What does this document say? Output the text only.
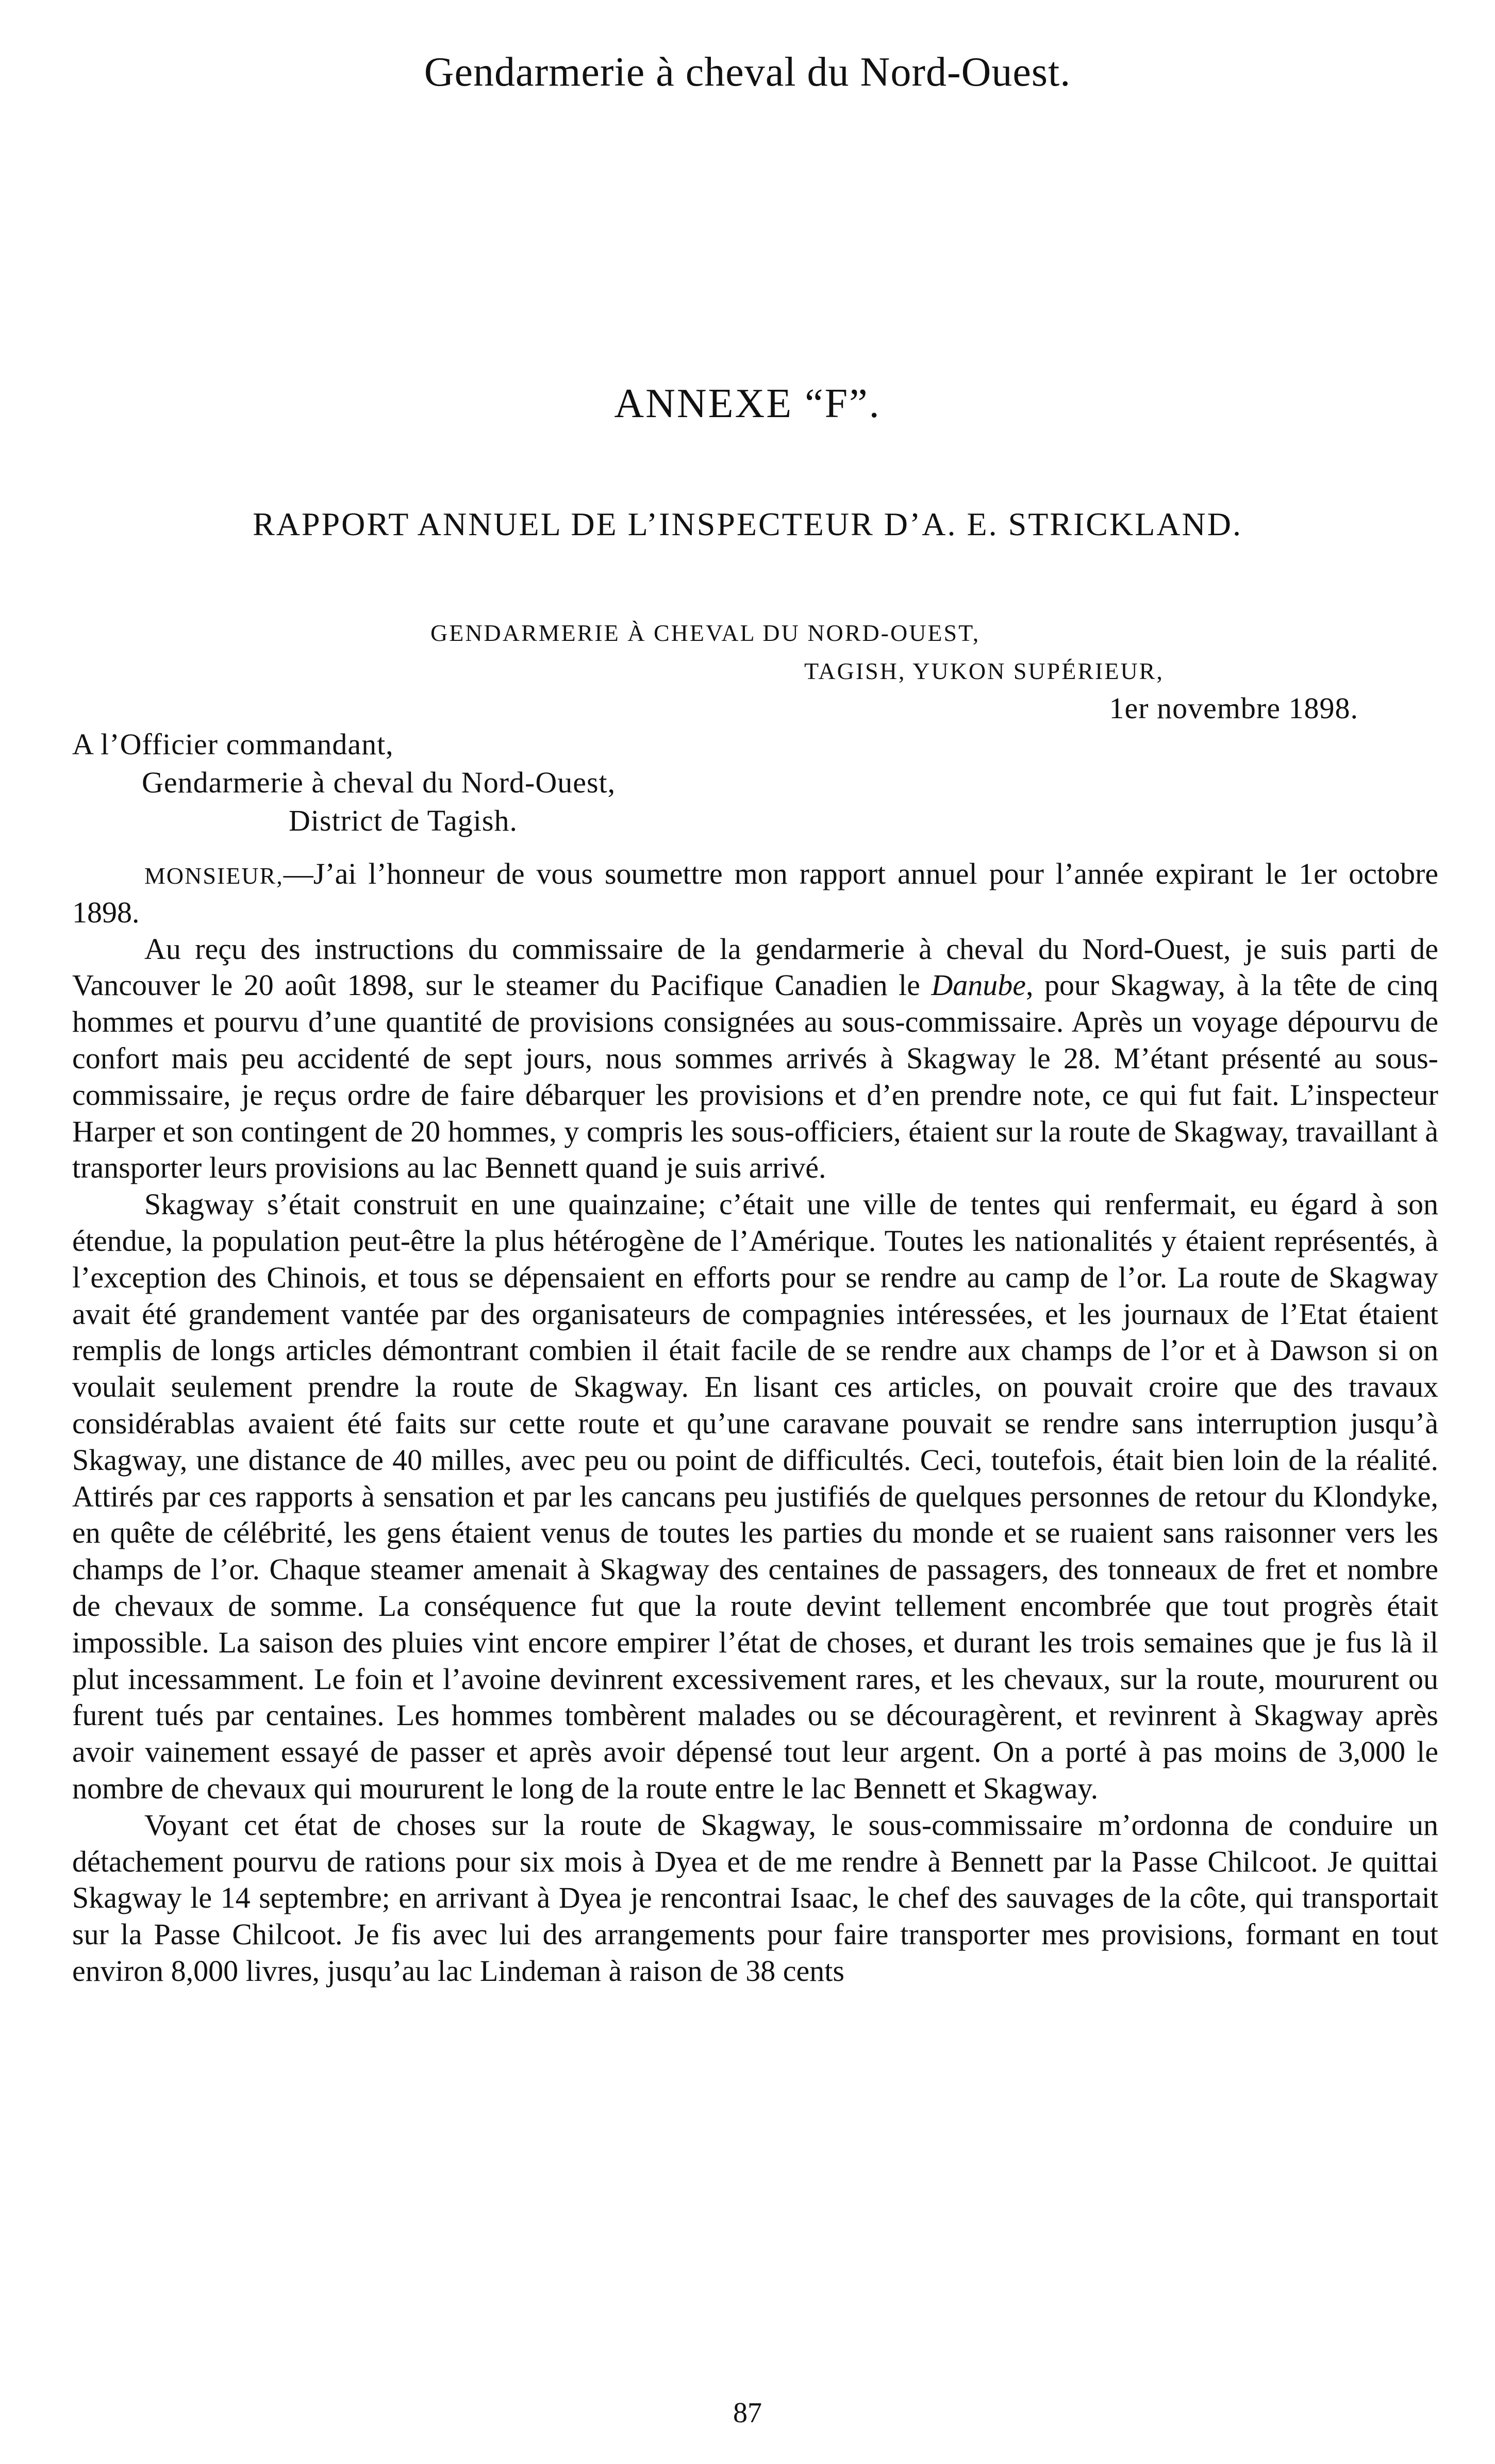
Gendarmerie à cheval du Nord-Ouest.
ANNEXE “F”.
RAPPORT ANNUEL DE L’INSPECTEUR D’A. E. STRICKLAND.
GENDARMERIE À CHEVAL DU NORD-OUEST,
TAGISH, YUKON SUPÉRIEUR,
1er novembre 1898.
A l’Officier commandant,
Gendarmerie à cheval du Nord-Ouest,
District de Tagish.

MONSIEUR,—J’ai l’honneur de vous soumettre mon rapport annuel pour l’année expirant le 1er octobre 1898.

Au reçu des instructions du commissaire de la gendarmerie à cheval du Nord-Ouest, je suis parti de Vancouver le 20 août 1898, sur le steamer du Pacifique Canadien le Danube, pour Skagway, à la tête de cinq hommes et pourvu d’une quantité de provisions consignées au sous-commissaire. Après un voyage dépourvu de confort mais peu accidenté de sept jours, nous sommes arrivés à Skagway le 28. M’étant présenté au sous-commissaire, je reçus ordre de faire débarquer les provisions et d’en prendre note, ce qui fut fait. L’inspecteur Harper et son contingent de 20 hommes, y compris les sous-officiers, étaient sur la route de Skagway, travaillant à transporter leurs provisions au lac Bennett quand je suis arrivé.

Skagway s’était construit en une quainzaine; c’était une ville de tentes qui renfermait, eu égard à son étendue, la population peut-être la plus hétérogène de l’Amérique. Toutes les nationalités y étaient représentés, à l’exception des Chinois, et tous se dépensaient en efforts pour se rendre au camp de l’or. La route de Skagway avait été grandement vantée par des organisateurs de compagnies intéressées, et les journaux de l’Etat étaient remplis de longs articles démontrant combien il était facile de se rendre aux champs de l’or et à Dawson si on voulait seulement prendre la route de Skagway. En lisant ces articles, on pouvait croire que des travaux considérablas avaient été faits sur cette route et qu’une caravane pouvait se rendre sans interruption jusqu’à Skagway, une distance de 40 milles, avec peu ou point de difficultés. Ceci, toutefois, était bien loin de la réalité. Attirés par ces rapports à sensation et par les cancans peu justifiés de quelques personnes de retour du Klondyke, en quête de célébrité, les gens étaient venus de toutes les parties du monde et se ruaient sans raisonner vers les champs de l’or. Chaque steamer amenait à Skagway des centaines de passagers, des tonneaux de fret et nombre de chevaux de somme. La conséquence fut que la route devint tellement encombrée que tout progrès était impossible. La saison des pluies vint encore empirer l’état de choses, et durant les trois semaines que je fus là il plut incessamment. Le foin et l’avoine devinrent excessivement rares, et les chevaux, sur la route, moururent ou furent tués par centaines. Les hommes tombèrent malades ou se découragèrent, et revinrent à Skagway après avoir vainement essayé de passer et après avoir dépensé tout leur argent. On a porté à pas moins de 3,000 le nombre de chevaux qui moururent le long de la route entre le lac Bennett et Skagway.

Voyant cet état de choses sur la route de Skagway, le sous-commissaire m’ordonna de conduire un détachement pourvu de rations pour six mois à Dyea et de me rendre à Bennett par la Passe Chilcoot. Je quittai Skagway le 14 septembre; en arrivant à Dyea je rencontrai Isaac, le chef des sauvages de la côte, qui transportait sur la Passe Chilcoot. Je fis avec lui des arrangements pour faire transporter mes provisions, formant en tout environ 8,000 livres, jusqu’au lac Lindeman à raison de 38 cents

87
